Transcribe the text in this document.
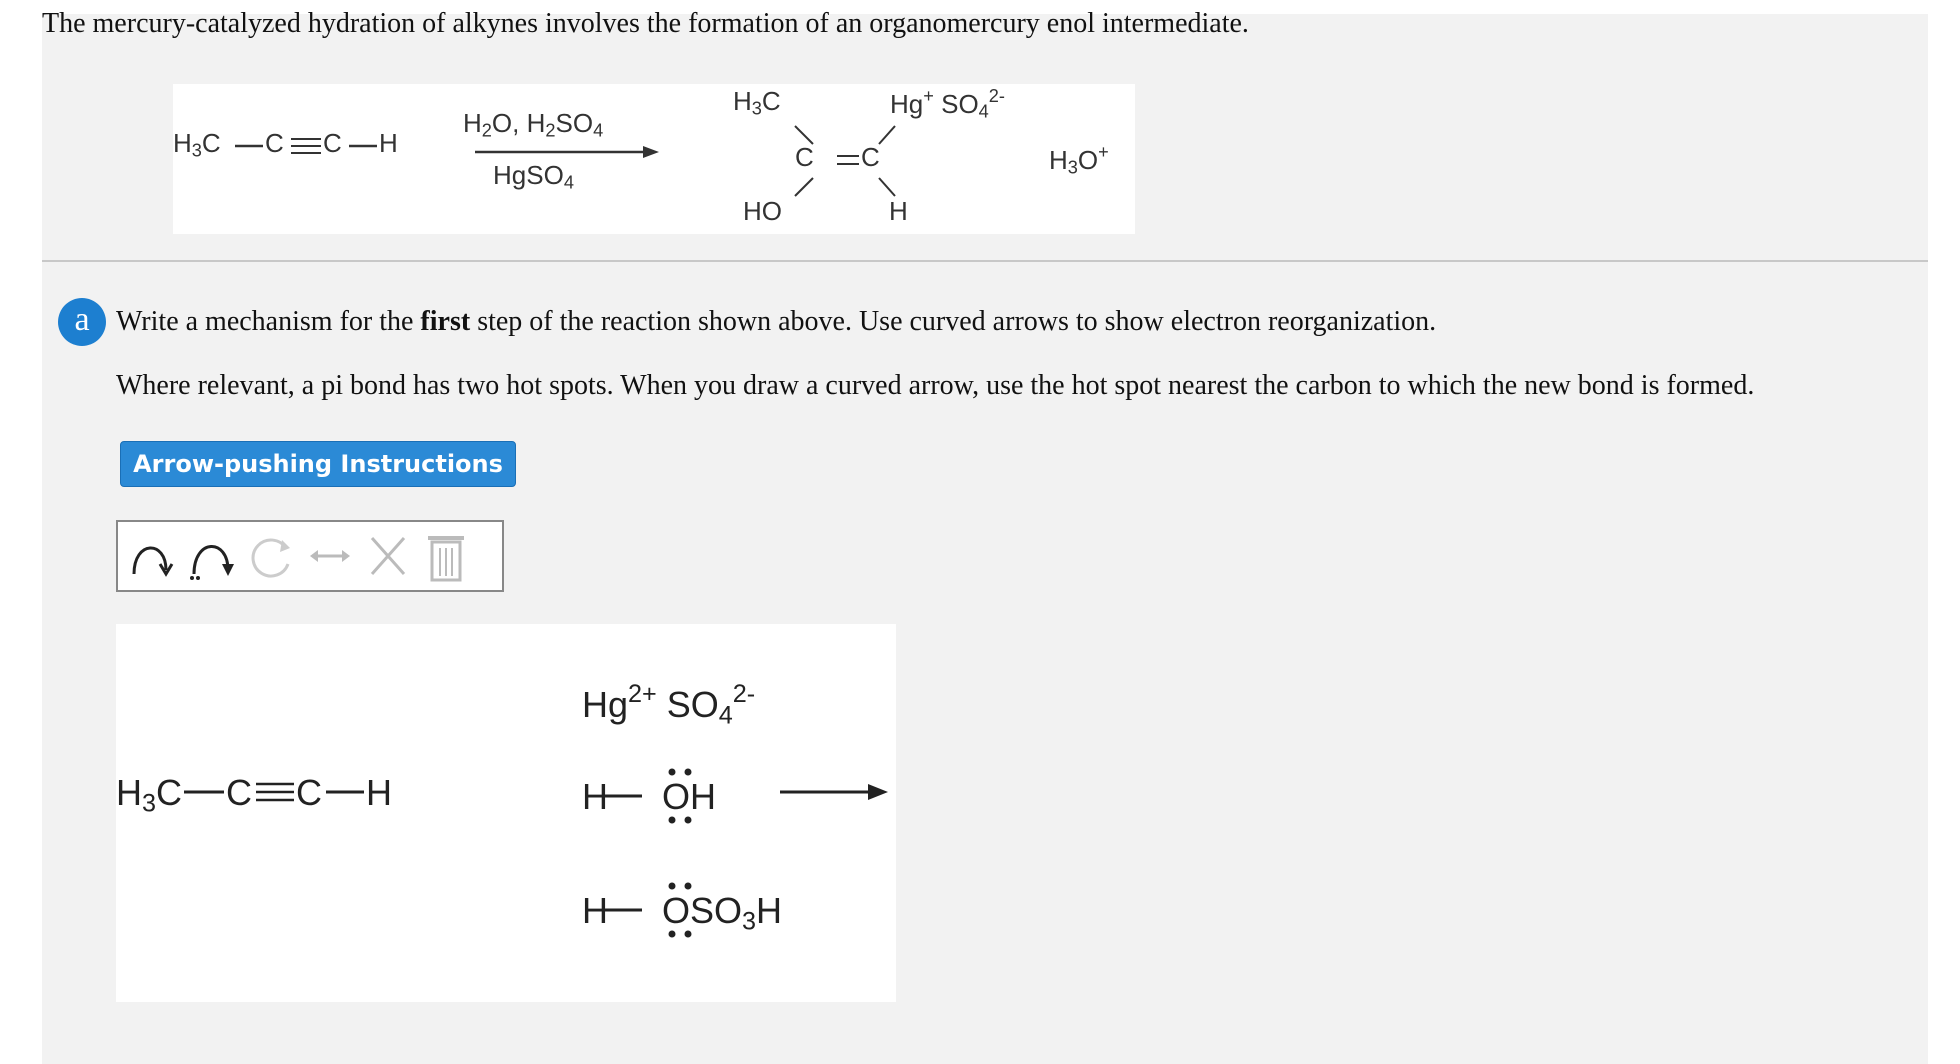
$H_3C$ C C H
$H_2O$, $H_2SO_4$
HgSO$_4$
$H_3C$	Hg+ $SO_4^{2-}$
C C
HO	H
$H_3O^+$
The mercury-catalyzed hydration of alkynes involves the formation of an organomercury enol intermediate.
a Write a mechanism for the first step of the reaction shown above. Use curved arrows to show electron reorganization.
Where relevant, a pi bond has two hot spots. When you draw a curved arrow, use the hot spot nearest the carbon to which the new bond is formed.
Arrow-pushing Instructions
$H_3C$ C C H
$Hg^{2+}$ $SO_4^{2-}$
H OH
H $OSO_3H$
